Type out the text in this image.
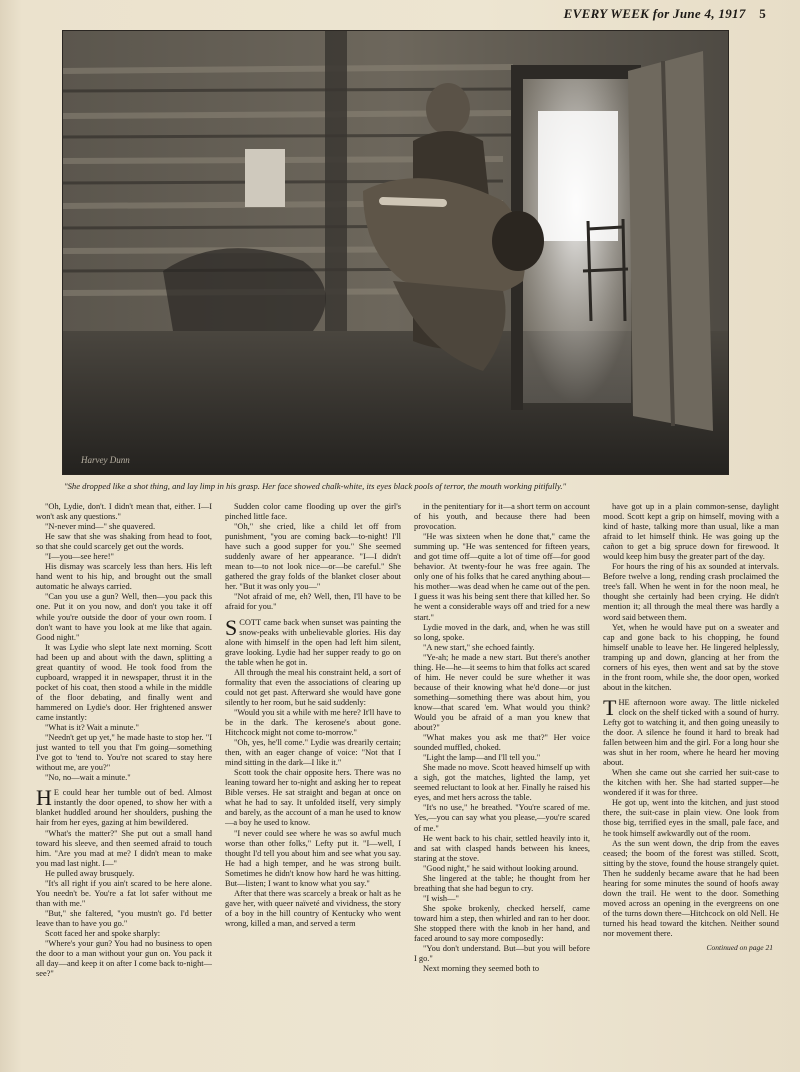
EVERY WEEK for June 4, 1917 5
Harvey Dunn
"She dropped like a shot thing, and lay limp in his grasp. Her face showed chalk-white, its eyes black pools of terror, the mouth working pitifully."

"Oh, Lydie, don't. I didn't mean that, either. I—I won't ask any questions."

"N-never mind—" she quavered.

He saw that she was shaking from head to foot, so that she could scarcely get out the words.

"I—you—see here!"

His dismay was scarcely less than hers. His left hand went to his hip, and brought out the small automatic he always carried.

"Can you use a gun? Well, then—you pack this one. Put it on you now, and don't you take it off while you're outside the door of your own room. I don't want to have you look at me like that again. Good night."

It was Lydie who slept late next morning. Scott had been up and about with the dawn, splitting a great quantity of wood. He took food from the cupboard, wrapped it in newspaper, thrust it in the pocket of his coat, then stood a while in the middle of the floor debating, and finally went and hammered on Lydie's door. Her frightened answer came instantly:

"What is it? Wait a minute."

"Needn't get up yet," he made haste to stop her. "I just wanted to tell you that I'm going—something I've got to 'tend to. You're not scared to stay here without me, are you?"

"No, no—wait a minute."

H E could hear her tumble out of bed. Almost instantly the door opened, to show her with a blanket huddled around her shoulders, pushing the hair from her eyes, gazing at him bewildered.

"What's the matter?" She put out a small hand toward his sleeve, and then seemed afraid to touch him. "Are you mad at me? I didn't mean to make you mad last night. I—"

He pulled away brusquely.

"It's all right if you ain't scared to be here alone. You needn't be. You're a fat lot safer without me than with me."

"But," she faltered, "you mustn't go. I'd better leave than to have you go."

Scott faced her and spoke sharply:

"Where's your gun? You had no business to open the door to a man without your gun on. You pack it all day—and keep it on after I come back to-night—see?"

Sudden color came flooding up over the girl's pinched little face.

"Oh," she cried, like a child let off from punishment, "you are coming back—to-night! I'll have such a good supper for you." She seemed suddenly aware of her appearance. "I—I didn't mean to—to not look nice—or—be careful." She gathered the gray folds of the blanket closer about her. "But it was only you—"

"Not afraid of me, eh? Well, then, I'll have to be afraid for you."

SCOTT came back when sunset was painting the snow-peaks with unbelievable glories. His day alone with himself in the open had left him silent, grave looking. Lydie had her supper ready to go on the table when he got in.

All through the meal his constraint held, a sort of formality that even the associations of clearing up could not get past. Afterward she would have gone silently to her room, but he said suddenly:

"Would you sit a while with me here? It'll have to be in the dark. The kerosene's about gone. Hitchcock might not come to-morrow."

"Oh, yes, he'll come." Lydie was drearily certain; then, with an eager change of voice: "Not that I mind sitting in the dark—I like it."

Scott took the chair opposite hers. There was no leaning toward her to-night and asking her to repeat Bible verses. He sat straight and began at once on what he had to say. It unfolded itself, very simply and barely, as the account of a man he used to know—a boy he used to know.

"I never could see where he was so awful much worse than other folks," Lefty put it. "I—well, I thought I'd tell you about him and see what you say. He had a high temper, and he was strong built. Sometimes he didn't know how hard he was hitting. But—listen; I want to know what you say."

After that there was scarcely a break or halt as he gave her, with queer naïveté and vividness, the story of a boy in the hill country of Kentucky who went wrong, killed a man, and served a term

in the penitentiary for it—a short term on account of his youth, and because there had been provocation.

"He was sixteen when he done that," came the summing up. "He was sentenced for fifteen years, and got time off—quite a lot of time off—for good behavior. At twenty-four he was free again. The only one of his folks that he cared anything about—his mother—was dead when he came out of the pen. I guess it was his being sent there that killed her. So he went a considerable ways off and tried for a new start."

Lydie moved in the dark, and, when he was still so long, spoke.

"A new start," she echoed faintly.

"Ye-ah; he made a new start. But there's another thing. He—he—it seems to him that folks act scared of him. He never could be sure whether it was because of their knowing what he'd done—or just something—something there was about him, you know—that scared 'em. What would you think? Would you be afraid of a man you knew that about?"

"What makes you ask me that?" Her voice sounded muffled, choked.

"Light the lamp—and I'll tell you."

She made no move. Scott heaved himself up with a sigh, got the matches, lighted the lamp, yet seemed reluctant to look at her. Finally he raised his eyes, and met hers across the table.

"It's no use," he breathed. "You're scared of me. Yes,—you can say what you please,—you're scared of me."

He went back to his chair, settled heavily into it, and sat with clasped hands between his knees, staring at the stove.

"Good night," he said without looking around.

She lingered at the table; he thought from her breathing that she had begun to cry.

"I wish—"

She spoke brokenly, checked herself, came toward him a step, then whirled and ran to her door. She stopped there with the knob in her hand, and faced around to say more composedly:

"You don't understand. But—but you will before I go."

Next morning they seemed both to

have got up in a plain common-sense, daylight mood. Scott kept a grip on himself, moving with a kind of haste, talking more than usual, like a man afraid to let himself think. He was going up the cañon to get a big spruce down for firewood. It would keep him busy the greater part of the day.

For hours the ring of his ax sounded at intervals. Before twelve a long, rending crash proclaimed the tree's fall. When he went in for the noon meal, he thought she certainly had been crying. He didn't mention it; all through the meal there was hardly a word said between them.

Yet, when he would have put on a sweater and cap and gone back to his chopping, he found himself unable to leave her. He lingered helplessly, tramping up and down, glancing at her from the corners of his eyes, then went and sat by the stove in the front room, while she, the door open, worked about in the kitchen.

THE afternoon wore away. The little nickeled clock on the shelf ticked with a sound of hurry. Lefty got to watching it, and then going uneasily to the door. A silence he found it hard to break had fallen between him and the girl. For a long hour she was shut in her room, where he heard her moving about.

When she came out she carried her suit-case to the kitchen with her. She had started supper—he wondered if it was for three.

He got up, went into the kitchen, and just stood there, the suit-case in plain view. One look from those big, terrified eyes in the small, pale face, and he took himself awkwardly out of the room.

As the sun went down, the drip from the eaves ceased; the boom of the forest was stilled. Scott, sitting by the stove, found the house strangely quiet. Then he suddenly became aware that he had been hearing for some minutes the sound of hoofs away down the trail. He went to the door. Something moved across an opening in the evergreens on one of the turns down there—Hitchcock on old Nell. He turned his head toward the kitchen. Neither sound nor movement there.

Continued on page 21
